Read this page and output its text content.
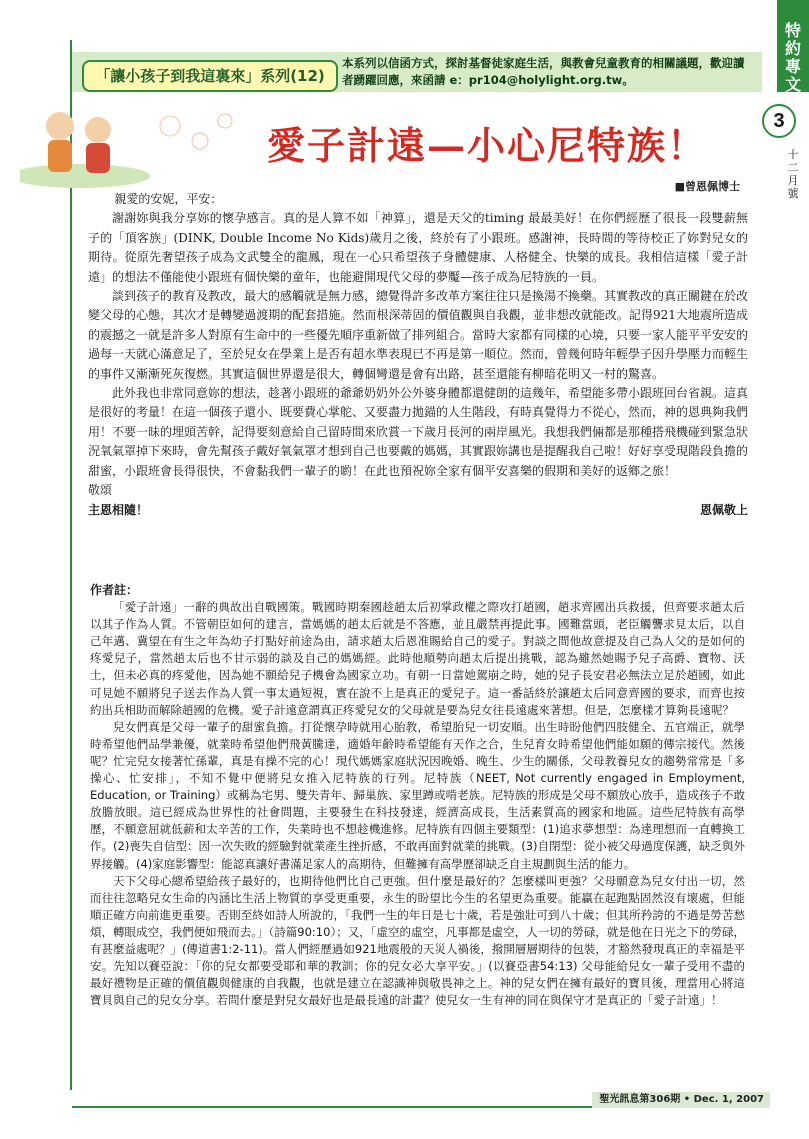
特約專文
3
十二月號
「讓小孩子到我這裏來」系列(12)
本系列以信函方式，探討基督徒家庭生活，與教會兒童教育的相關議題，歡迎讀者踴躍回應，來函請 e：pr104@holylight.org.tw。
愛子計遠—小心尼特族！
■曾恩佩博士

親愛的安妮，平安：

謝謝妳與我分享妳的懷孕感言。真的是人算不如「神算」，還是天父的timing 最最美好！在你們經歷了很長一段雙薪無子的「頂客族」(DINK, Double Income No Kids)歲月之後，終於有了小跟班。感謝神，長時間的等待校正了妳對兒女的期待。從原先奢望孩子成為文武雙全的龍鳳，現在一心只希望孩子身體健康、人格健全、快樂的成長。我相信這樣「愛子計遠」的想法不僅能使小跟班有個快樂的童年，也能避開現代父母的夢魘—孩子成為尼特族的一員。

談到孩子的教育及教改，最大的感觸就是無力感，總覺得許多改革方案往往只是換湯不換藥。其實教改的真正關鍵在於改變父母的心態，其次才是轉變過渡期的配套措施。然而根深蒂固的價值觀與自我觀，並非想改就能改。記得921大地震所造成的震撼之一就是許多人對原有生命中的一些優先順序重新做了排列組合。當時大家都有同樣的心境，只要一家人能平平安安的過每一天就心滿意足了，至於兒女在學業上是否有超水準表現已不再是第一順位。然而，曾幾何時年輕學子因升學壓力而輕生的事件又漸漸死灰復燃。其實這個世界還是很大，轉個彎還是會有出路，甚至還能有柳暗花明又一村的驚喜。

此外我也非常同意妳的想法，趁著小跟班的爺爺奶奶外公外婆身體都還健朗的這幾年，希望能多帶小跟班回台省親。這真是很好的考量！在這一個孩子還小、既要費心掌舵、又要盡力拋錨的人生階段，有時真覺得力不從心，然而，神的恩典夠我們用！不要一昧的埋頭苦幹，記得要刻意給自己留時間來欣賞一下歲月長河的兩岸風光。我想我們倆都是那種搭飛機碰到緊急狀況氧氣罩掉下來時，會先幫孩子戴好氧氣罩才想到自己也要戴的媽媽，其實跟妳講也是提醒我自己啦！好好享受現階段負擔的甜蜜，小跟班會長得很快，不會黏我們一輩子的喲！在此也預祝妳全家有個平安喜樂的假期和美好的返鄉之旅！

敬頌

主恩相隨！	恩佩敬上
作者註：

「愛子計遠」一辭的典故出自戰國策。戰國時期秦國趁趙太后初掌政權之際攻打趙國，趙求齊國出兵救援，但齊要求趙太后以其子作為人質。不管朝臣如何的建言，當媽媽的趙太后就是不答應，並且嚴禁再提此事。國難當頭，老臣觸讋求見太后，以自己年邁、冀望在有生之年為幼子打點好前途為由，請求趙太后恩准賜給自己的愛子。對談之間他故意提及自己為人父的是如何的疼愛兒子，當然趙太后也不甘示弱的談及自己的媽媽經。此時他順勢向趙太后提出挑戰，認為雖然她賜予兒子高爵、寶物、沃土，但未必真的疼愛他，因為她不願給兒子機會為國家立功。有朝一日當她駕崩之時，她的兒子長安君必無法立足於趙國，如此可見她不願將兒子送去作為人質一事太過短視，實在說不上是真正的愛兒子。這一番話終於讓趙太后同意齊國的要求，而齊也按約出兵相助而解除趙國的危機。愛子計遠意謂真正疼愛兒女的父母就是要為兒女往長遠處來著想。但是，怎麼樣才算夠長遠呢？

兒女們真是父母一輩子的甜蜜負擔。打從懷孕時就用心胎教，希望胎兒一切安順。出生時盼他們四肢健全、五官端正，就學時希望他們品學兼優，就業時希望他們飛黃騰達，適婚年齡時希望能有天作之合，生兒育女時希望他們能如願的傳宗接代。然後呢？忙完兒女接著忙孫輩，真是有操不完的心！現代媽媽家庭狀況因晚婚、晚生、少生的關係，父母教養兒女的趨勢常常是「多操心、忙安排」，不知不覺中便將兒女推入尼特族的行列。尼特族（NEET, Not currently engaged in Employment, Education, or Training）或稱為宅男、雙失青年、歸巢族、家里蹲或啃老族。尼特族的形成是父母不願放心放手，造成孩子不敢放膽放眼。這已經成為世界性的社會問題，主要發生在科技發達，經濟高成長，生活素質高的國家和地區。這些尼特族有高學歷，不願意屈就低薪和太辛苦的工作，失業時也不想趁機進修。尼特族有四個主要類型：(1)追求夢想型：為達理想而一直轉換工作。(2)喪失自信型：因一次失敗的經驗對就業產生挫折感，不敢再面對就業的挑戰。(3)自閉型：從小被父母過度保護，缺乏與外界接觸。(4)家庭影響型：能認真讓好書滿足家人的高期待，但難擁有高學歷卻缺乏自主規劃與生活的能力。

天下父母心總希望給孩子最好的，也期待他們比自己更強。但什麼是最好的？怎麼樣叫更強？父母願意為兒女付出一切，然而往往忽略兒女生命的內涵比生活上物質的享受更重要，永生的盼望比今生的名望更為重要。能贏在起跑點固然沒有壞處，但能順正確方向前進更重要。否則至終如詩人所說的，「我們一生的年日是七十歲，若是強壯可到八十歲；但其所矜誇的不過是勞苦愁煩，轉眼成空，我們便如飛而去。」（詩篇90:10）；又，「虛空的虛空，凡事都是虛空，人一切的勞碌，就是他在日光之下的勞碌，有甚麼益處呢？」(傳道書1:2-11)。當人們經歷過如921地震般的天災人禍後，撥開層層期待的包裝，才豁然發現真正的幸福是平安。先知以賽亞說：「你的兒女都要受耶和華的教訓；你的兒女必大享平安。」(以賽亞書54:13) 父母能給兒女一輩子受用不盡的最好禮物是正確的價值觀與健康的自我觀，也就是建立在認識神與敬畏神之上。神的兒女們在擁有最好的寶貝後，理當用心將這寶貝與自己的兒女分享。若問什麼是對兒女最好也是最長遠的計畫？使兒女一生有神的同在與保守才是真正的「愛子計遠」！

聖光訊息第306期 • Dec. 1, 2007
